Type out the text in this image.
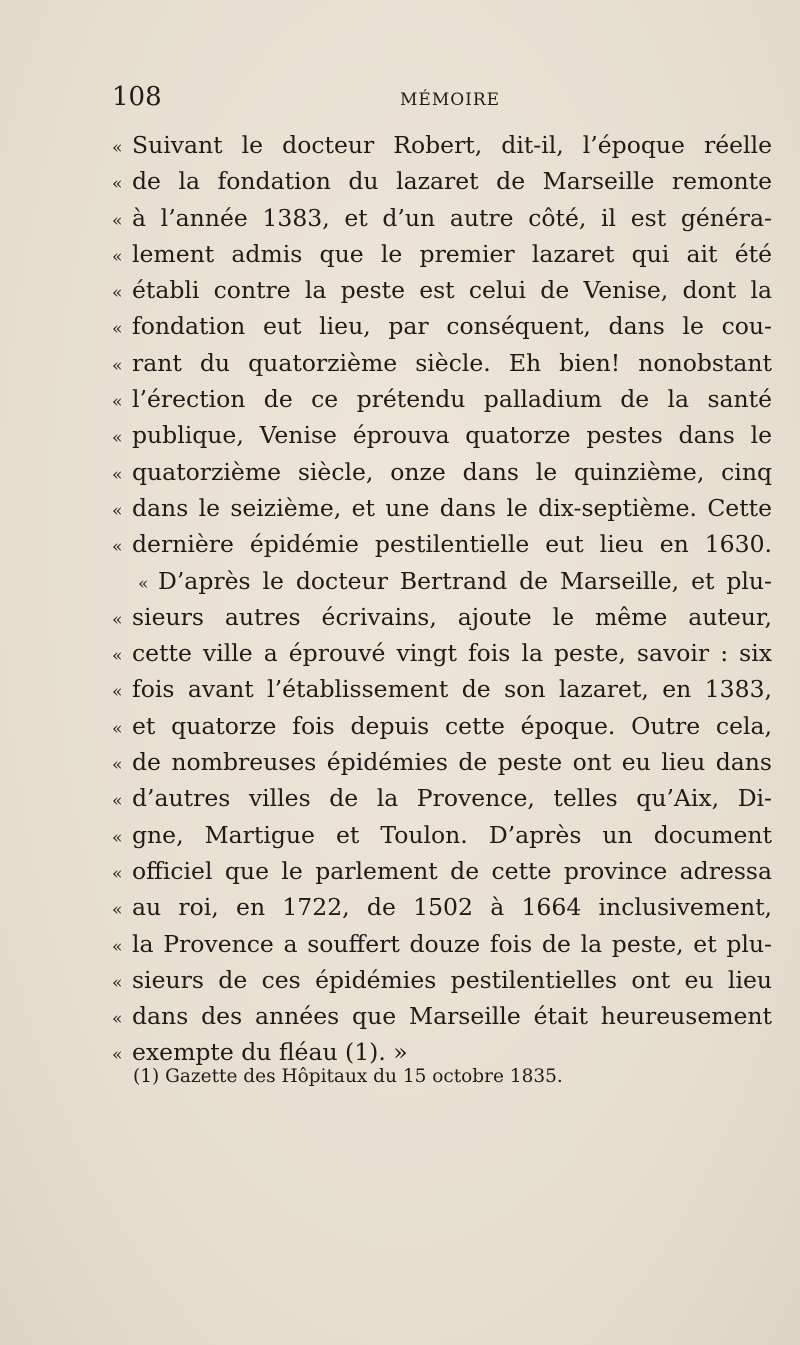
108	MÉMOIRE
« Suivant le docteur Robert, dit-il, l’époque réelle
« de la fondation du lazaret de Marseille remonte
« à l’année 1383, et d’un autre côté, il est généra-
« lement admis que le premier lazaret qui ait été
« établi contre la peste est celui de Venise, dont la
« fondation eut lieu, par conséquent, dans le cou-
« rant du quatorzième siècle. Eh bien! nonobstant
« l’érection de ce prétendu palladium de la santé
« publique, Venise éprouva quatorze pestes dans le
« quatorzième siècle, onze dans le quinzième, cinq
« dans le seizième, et une dans le dix-septième. Cette
« dernière épidémie pestilentielle eut lieu en 1630.
« D’après le docteur Bertrand de Marseille, et plu-
« sieurs autres écrivains, ajoute le même auteur,
« cette ville a éprouvé vingt fois la peste, savoir : six
« fois avant l’établissement de son lazaret, en 1383,
« et quatorze fois depuis cette époque. Outre cela,
« de nombreuses épidémies de peste ont eu lieu dans
« d’autres villes de la Provence, telles qu’Aix, Di-
« gne, Martigue et Toulon. D’après un document
« officiel que le parlement de cette province adressa
« au roi, en 1722, de 1502 à 1664 inclusivement,
« la Provence a souffert douze fois de la peste, et plu-
« sieurs de ces épidémies pestilentielles ont eu lieu
« dans des années que Marseille était heureusement
« exempte du fléau (1). »
(1) Gazette des Hôpitaux du 15 octobre 1835.
